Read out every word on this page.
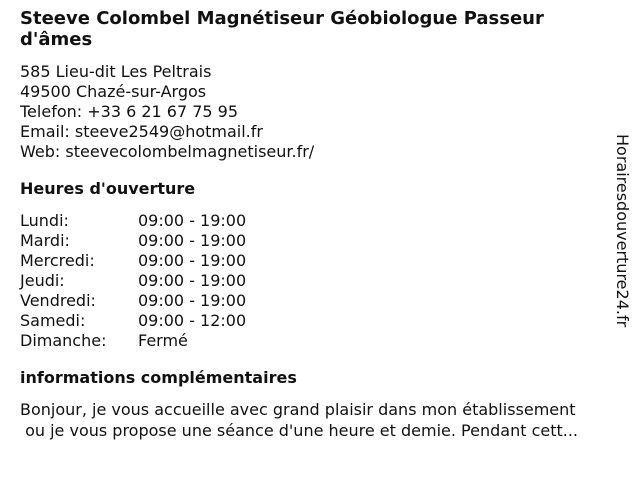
Steeve Colombel Magnétiseur Géobiologue Passeur d'âmes
585 Lieu-dit Les Peltrais
49500 Chazé-sur-Argos
Telefon: +33 6 21 67 75 95
Email: steeve2549@hotmail.fr
Web: steevecolombelmagnetiseur.fr/
Heures d'ouverture
Lundi:	09:00 - 19:00
Mardi:	09:00 - 19:00
Mercredi:	09:00 - 19:00
Jeudi:	09:00 - 19:00
Vendredi:	09:00 - 19:00
Samedi:	09:00 - 12:00
Dimanche:	Fermé
informations complémentaires
Bonjour, je vous accueille avec grand plaisir dans mon établissement
ou je vous propose une séance d'une heure et demie. Pendant cett...
Horairesdouverture24.fr
